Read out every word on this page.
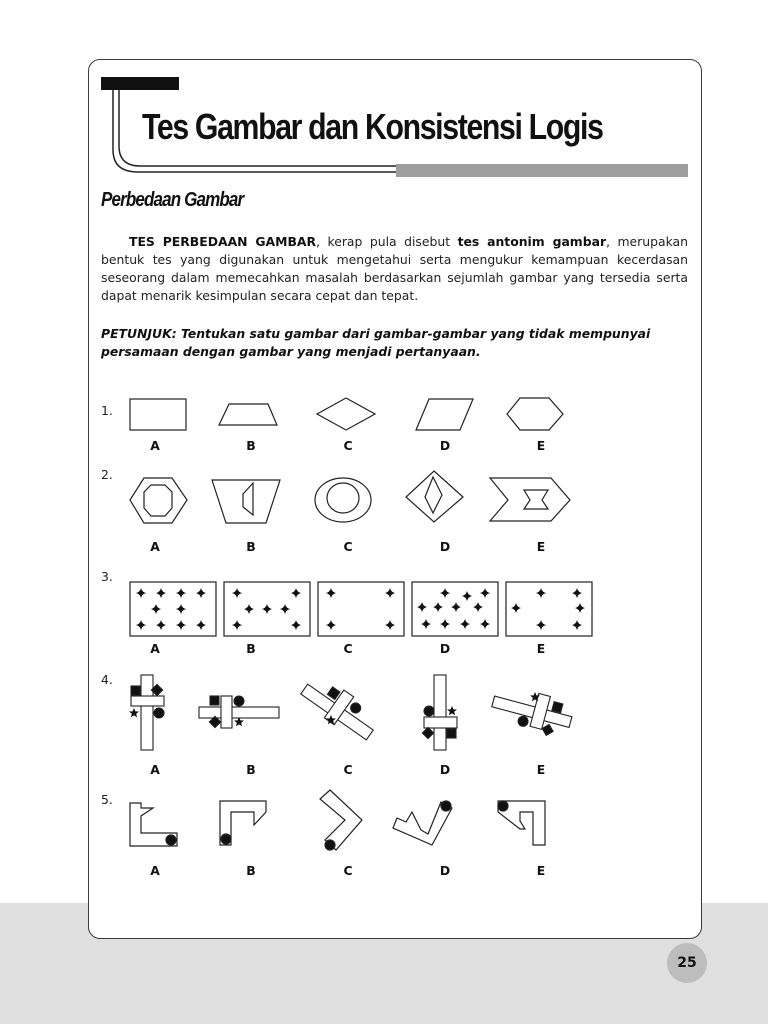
Tes Gambar dan Konsistensi Logis
Perbedaan Gambar

TES PERBEDAAN GAMBAR, kerap pula disebut tes antonim gambar, merupakan bentuk tes yang digunakan untuk mengetahui serta mengukur kemampuan kecerdasan seseorang dalam memecahkan masalah berdasarkan sejumlah gambar yang tersedia serta dapat menarik kesimpulan secara cepat dan tepat.

PETUNJUK: Tentukan satu gambar dari gambar-gambar yang tidak mempunyai persamaan dengan gambar yang menjadi pertanyaan.

1.
2.
3.
4.
5.
A	B	C	D	E
A	B	C	D	E
A	B	C	D	E
A	B	C	D	E
A	B	C	D	E
25
